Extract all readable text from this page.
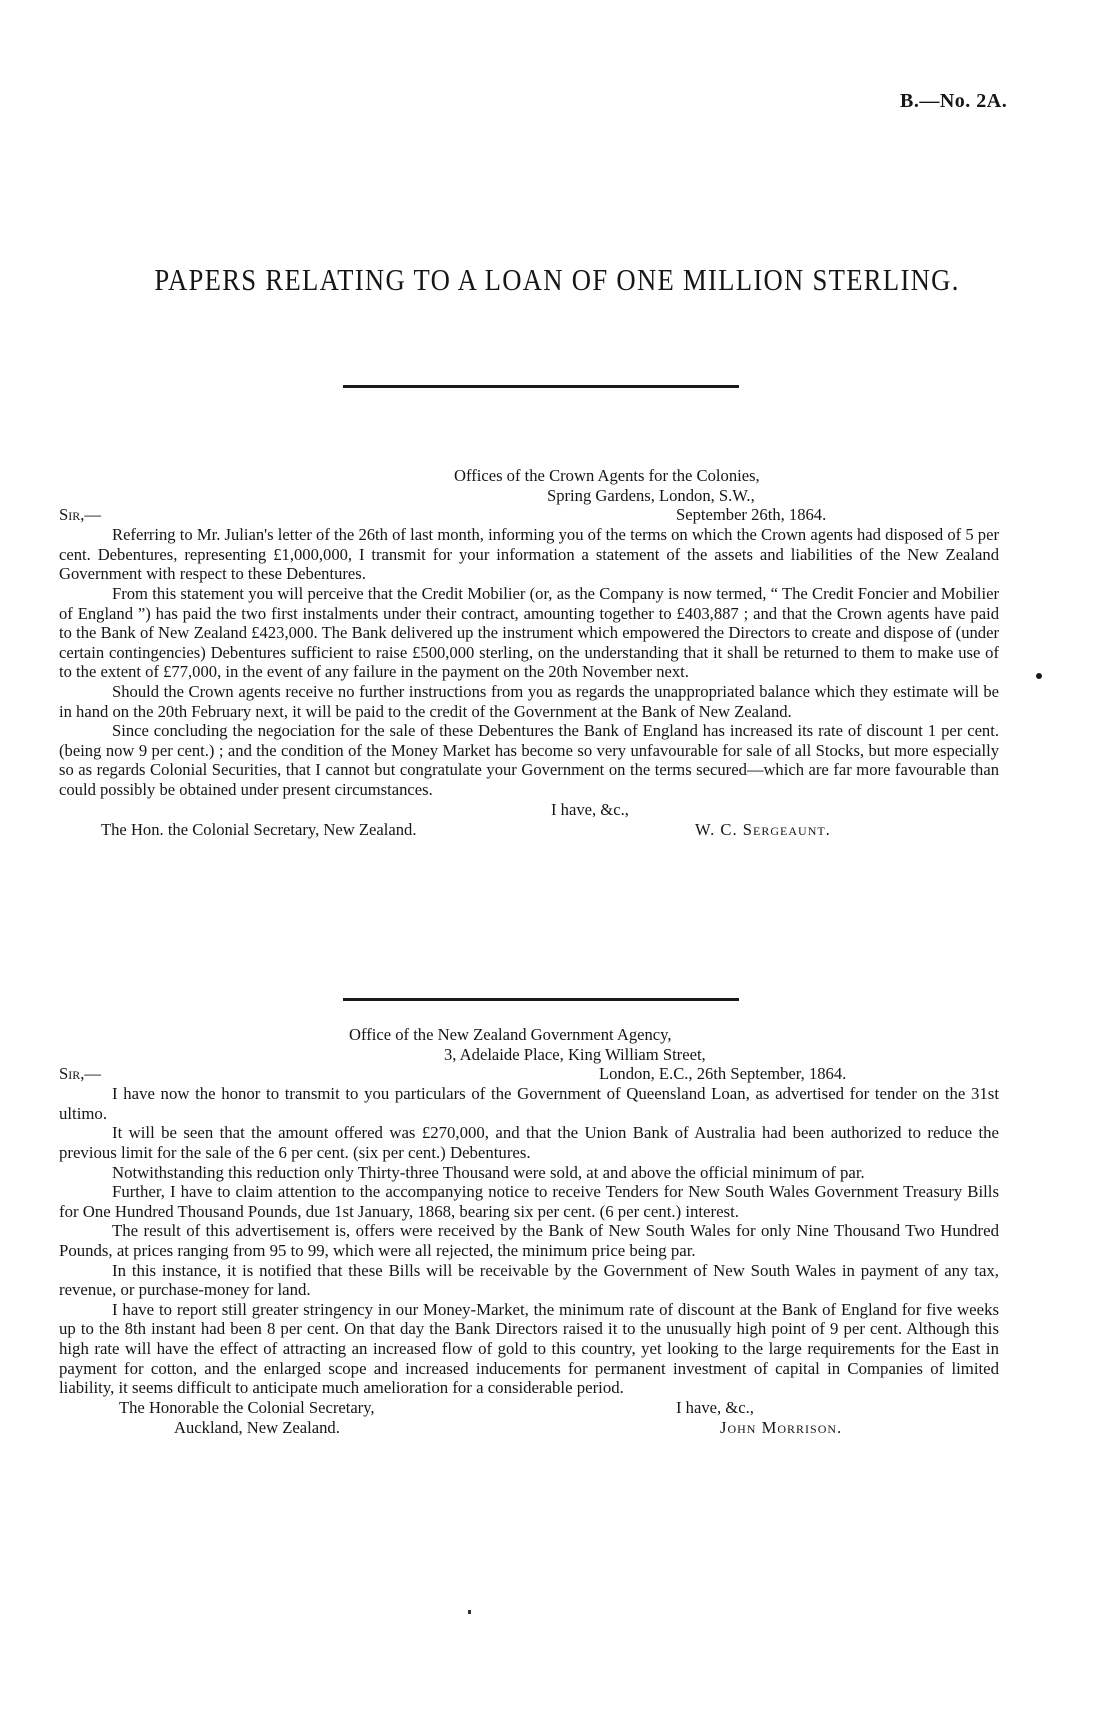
B.—No. 2A.
PAPERS RELATING TO A LOAN OF ONE MILLION STERLING.
Offices of the Crown Agents for the Colonies,
Spring Gardens, London, S.W.,
Sir,—	September 26th, 1864.

Referring to Mr. Julian's letter of the 26th of last month, informing you of the terms on which the Crown agents had disposed of 5 per cent. Debentures, representing £1,000,000, I transmit for your information a statement of the assets and liabilities of the New Zealand Government with respect to these Debentures.

From this statement you will perceive that the Credit Mobilier (or, as the Company is now termed, “ The Credit Foncier and Mobilier of England ”) has paid the two first instalments under their contract, amounting together to £403,887 ; and that the Crown agents have paid to the Bank of New Zealand £423,000. The Bank delivered up the instrument which empowered the Directors to create and dispose of (under certain contingencies) Debentures sufficient to raise £500,000 sterling, on the understanding that it shall be returned to them to make use of to the extent of £77,000, in the event of any failure in the payment on the 20th November next.

Should the Crown agents receive no further instructions from you as regards the unappropriated balance which they estimate will be in hand on the 20th February next, it will be paid to the credit of the Government at the Bank of New Zealand.

Since concluding the negociation for the sale of these Debentures the Bank of England has increased its rate of discount 1 per cent. (being now 9 per cent.) ; and the condition of the Money Market has become so very unfavourable for sale of all Stocks, but more especially so as regards Colonial Securities, that I cannot but congratulate your Government on the terms secured—which are far more favourable than could possibly be obtained under present circumstances.

I have, &c.,
The Hon. the Colonial Secretary, New Zealand.	W. C. Sergeaunt.
Office of the New Zealand Government Agency,
3, Adelaide Place, King William Street,
Sir,—	London, E.C., 26th September, 1864.

I have now the honor to transmit to you particulars of the Government of Queensland Loan, as advertised for tender on the 31st ultimo.

It will be seen that the amount offered was £270,000, and that the Union Bank of Australia had been authorized to reduce the previous limit for the sale of the 6 per cent. (six per cent.) Debentures.

Notwithstanding this reduction only Thirty-three Thousand were sold, at and above the official minimum of par.

Further, I have to claim attention to the accompanying notice to receive Tenders for New South Wales Government Treasury Bills for One Hundred Thousand Pounds, due 1st January, 1868, bearing six per cent. (6 per cent.) interest.

The result of this advertisement is, offers were received by the Bank of New South Wales for only Nine Thousand Two Hundred Pounds, at prices ranging from 95 to 99, which were all rejected, the minimum price being par.

In this instance, it is notified that these Bills will be receivable by the Government of New South Wales in payment of any tax, revenue, or purchase-money for land.

I have to report still greater stringency in our Money-Market, the minimum rate of discount at the Bank of England for five weeks up to the 8th instant had been 8 per cent. On that day the Bank Directors raised it to the unusually high point of 9 per cent. Although this high rate will have the effect of attracting an increased flow of gold to this country, yet looking to the large requirements for the East in payment for cotton, and the enlarged scope and increased inducements for permanent investment of capital in Companies of limited liability, it seems difficult to anticipate much amelioration for a considerable period.

The Honorable the Colonial Secretary,	I have, &c.,
Auckland, New Zealand.	John Morrison.
